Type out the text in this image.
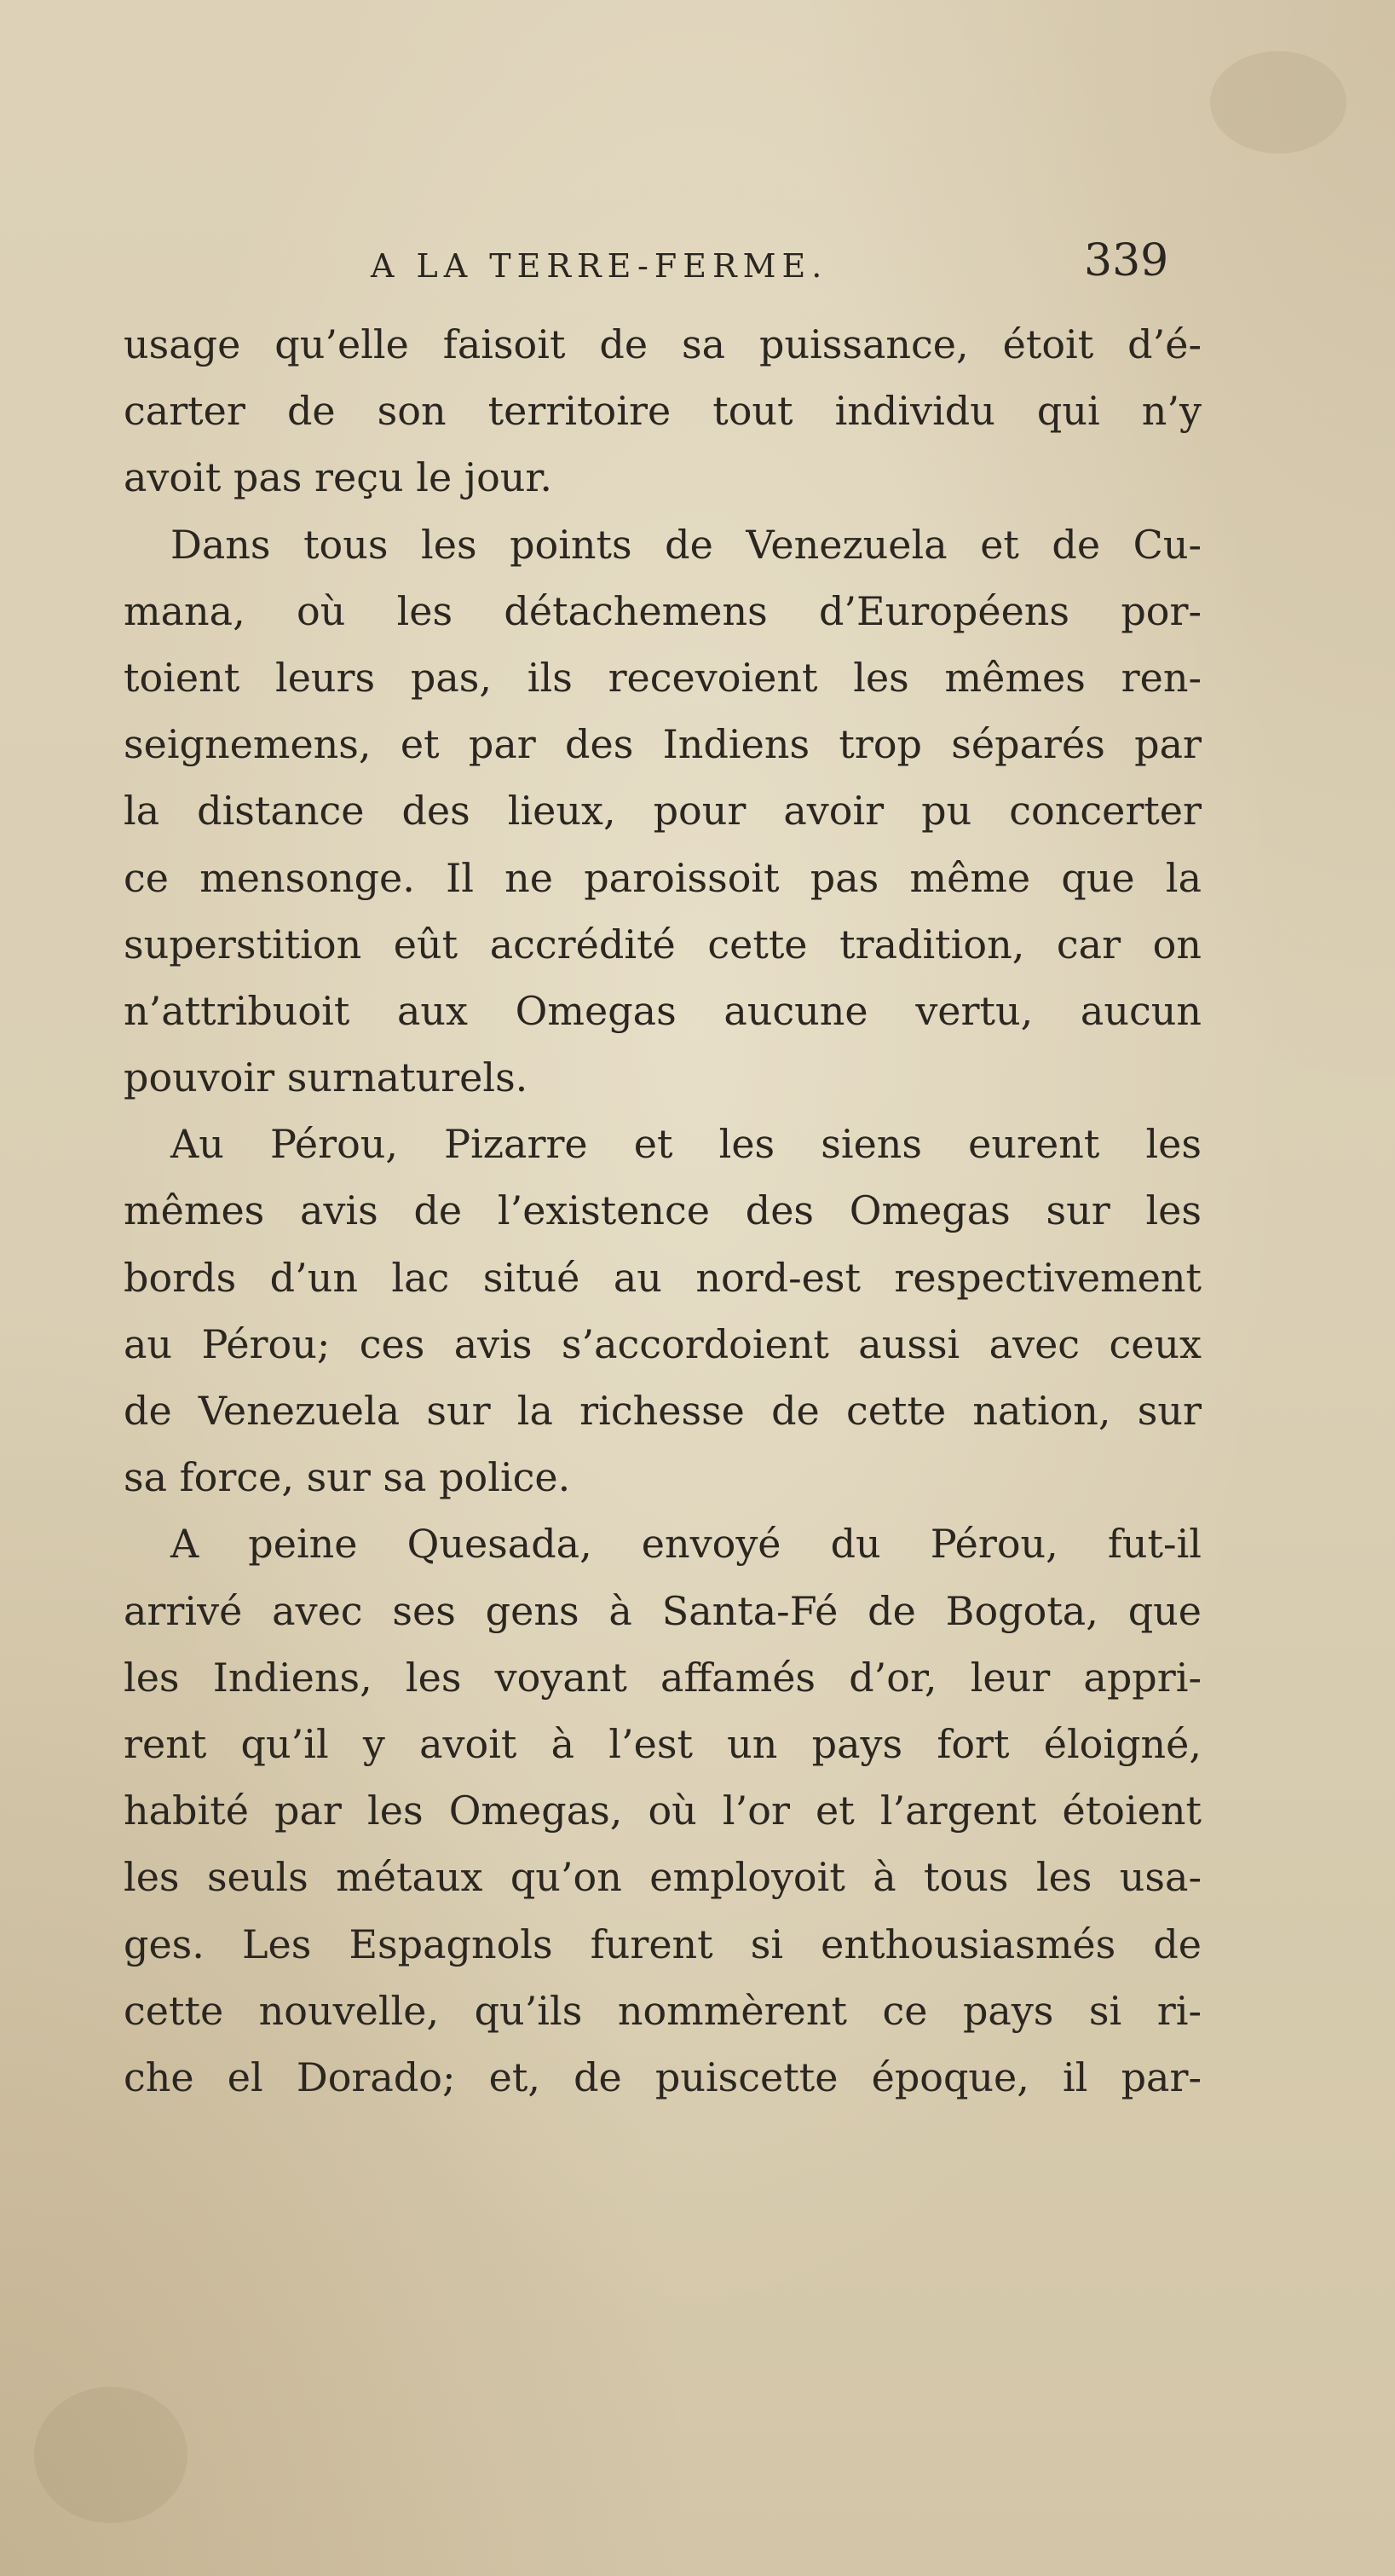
A LA TERRE-FERME.	339
usage qu’elle faisoit de sa puissance, étoit d’é-
carter de son territoire tout individu qui n’y
avoit pas reçu le jour.
Dans tous les points de Venezuela et de Cu-
mana, où les détachemens d’Européens por-
toient leurs pas, ils recevoient les mêmes ren-
seignemens, et par des Indiens trop séparés par
la distance des lieux, pour avoir pu concerter
ce mensonge. Il ne paroissoit pas même que la
superstition eût accrédité cette tradition, car on
n’attribuoit aux Omegas aucune vertu, aucun
pouvoir surnaturels.
Au Pérou, Pizarre et les siens eurent les
mêmes avis de l’existence des Omegas sur les
bords d’un lac situé au nord-est respectivement
au Pérou; ces avis s’accordoient aussi avec ceux
de Venezuela sur la richesse de cette nation, sur
sa force, sur sa police.
A peine Quesada, envoyé du Pérou, fut-il
arrivé avec ses gens à Santa-Fé de Bogota, que
les Indiens, les voyant affamés d’or, leur appri-
rent qu’il y avoit à l’est un pays fort éloigné,
habité par les Omegas, où l’or et l’argent étoient
les seuls métaux qu’on employoit à tous les usa-
ges. Les Espagnols furent si enthousiasmés de
cette nouvelle, qu’ils nommèrent ce pays si ri-
che el Dorado; et, de puiscette époque, il par-
